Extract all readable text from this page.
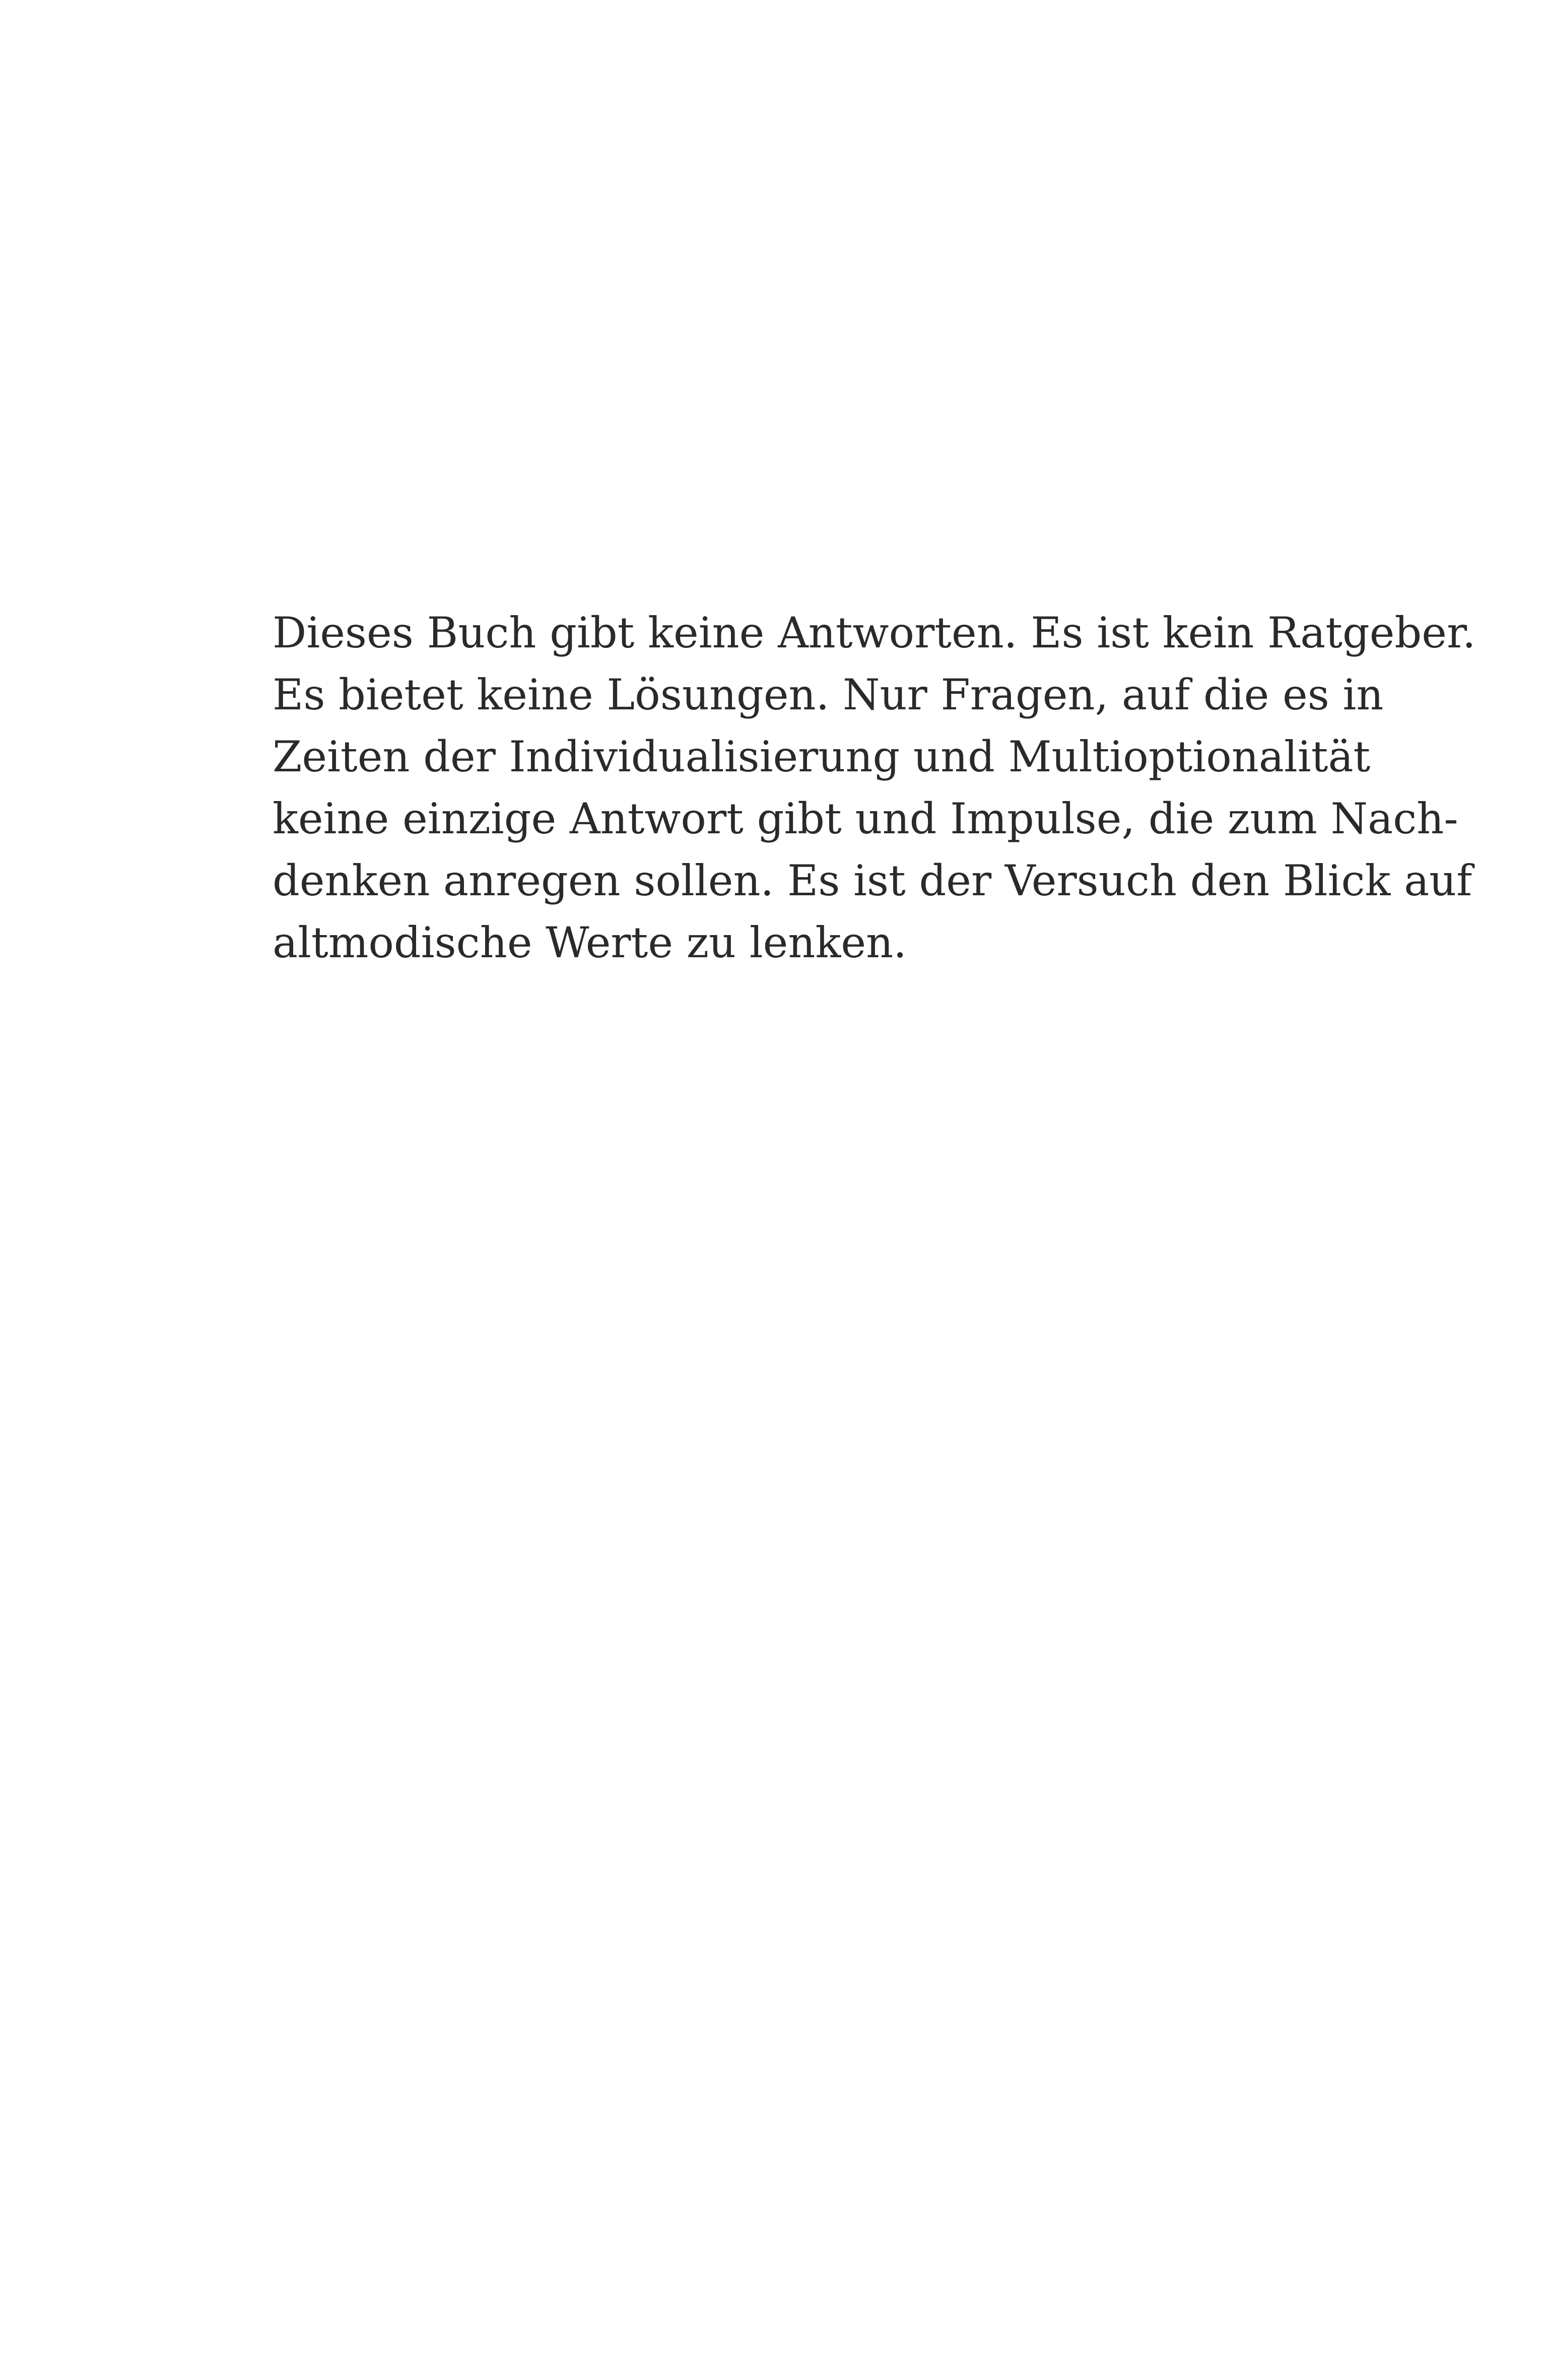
Dieses Buch gibt keine Antworten. Es ist kein Ratgeber.
Es bietet keine Lösungen. Nur Fragen, auf die es in
Zeiten der Individualisierung und Multioptionalität
keine einzige Antwort gibt und Impulse, die zum Nach-
denken anregen sollen. Es ist der Versuch den Blick auf
altmodische Werte zu lenken.
